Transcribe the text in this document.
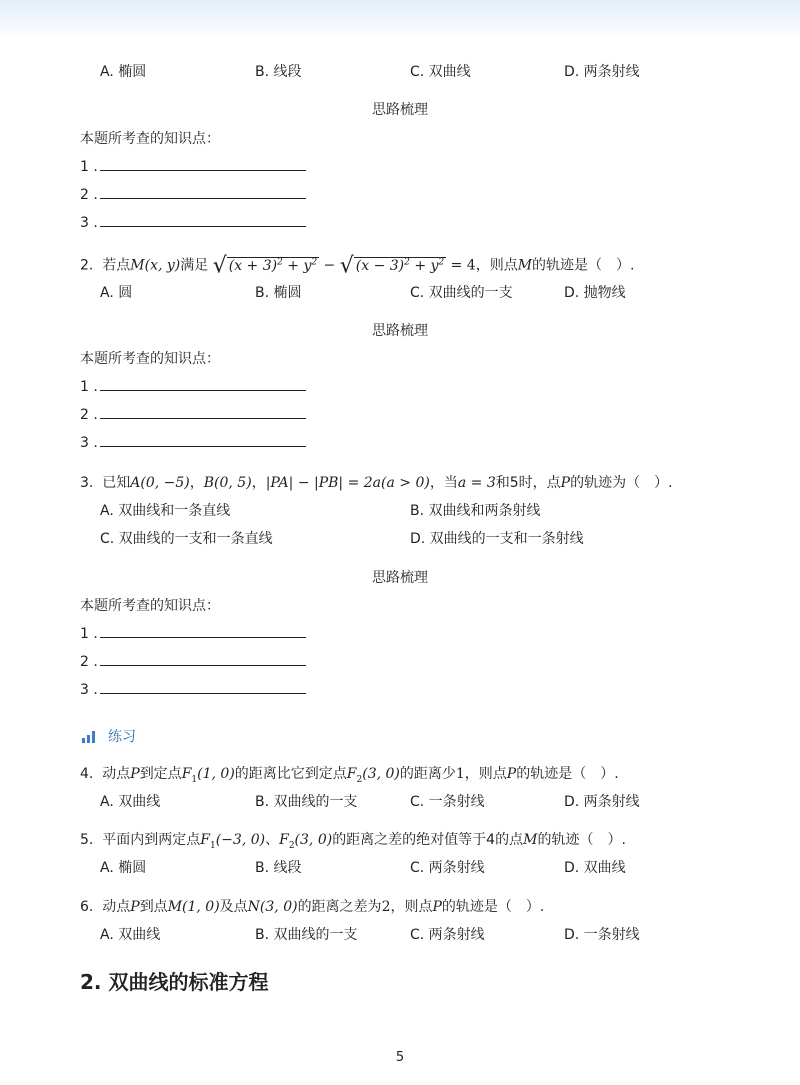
A. 椭圆	B. 线段	C. 双曲线	D. 两条射线
思路梳理
本题所考查的知识点：
1 .
2 .
3 .
2. 若点M(x, y)满足 √ $(x + 3)^2 + y^2$ − √ $(x - 3)^2 + y^2 = 4$，则点M的轨迹是（　）.
A. 圆	B. 椭圆	C. 双曲线的一支	D. 抛物线
思路梳理
本题所考查的知识点：
1 .
2 .
3 .
3. 已知A(0, −5)，B(0, 5)，|PA| − |PB| = 2a(a > 0)，当a = 3和5时，点P的轨迹为（　）.
A. 双曲线和一条直线	B. 双曲线和两条射线
C. 双曲线的一支和一条直线	D. 双曲线的一支和一条射线
思路梳理
本题所考查的知识点：
1 .
2 .
3 .
练习
4. 动点P到定点$F_1(1$, 0)的距离比它到定点$F_2(3$, 0)的距离少1，则点P的轨迹是（　）.
A. 双曲线	B. 双曲线的一支	C. 一条射线	D. 两条射线
5. 平面内到两定点$F_1(-3$, 0)、$F_2(3$, 0)的距离之差的绝对值等于4的点M的轨迹（　）.
A. 椭圆	B. 线段	C. 两条射线	D. 双曲线
6. 动点P到点M(1, 0)及点N(3, 0)的距离之差为2，则点P的轨迹是（　）.
A. 双曲线	B. 双曲线的一支	C. 两条射线	D. 一条射线
2. 双曲线的标准方程
5
